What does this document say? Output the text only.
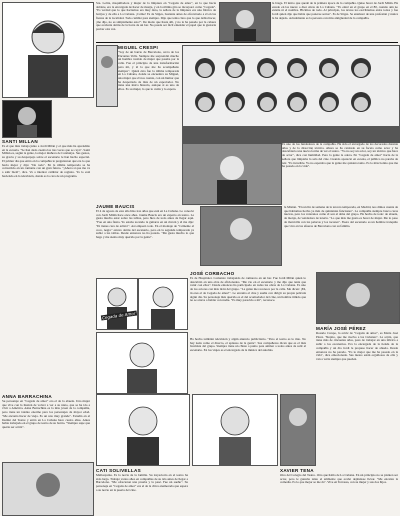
Sra. Lolita, maquilladora y mujer de la limpieza en "Cegada de amor", en la que hacía doblete, era la encargada de hacer de monja, y en la última gira se incorporó como "Cegada". "Es verdad que lo que hacíamos era muy duro, la señora de la limpieza era una fábrica de botijos y de ella a La Cubana. ¡Cómo! Es de Sitges, bastante antes de ofrecérselo a él en las fiestas de la localidad. Todo cambió para siempre. Dijo que tenía claro que lo que debía hacer, ¡me dijo, no es simplemente esto!". De modo que hasta allí, y no le ha pasado por la cabeza que acabaría detrás de la barra de un bar. No puede ser fácil entender el papel que le gustaría probar otra vez.
la braga. El único que quedó de la primera época de la compañía. Quiso hacer de Jordi Milán. Ha estado en las nueve o diez obras de La Cubana. "Yo entré en el grupo en el 80, cuando aún no existía ni el nombre. Hicimos de todo. Al principio, los textos los escribíamos entre todos y fue Jordi quien dijo que había que ponerse serios". Es de Sitges. Se enamoró de una profesión y nunca la ha dejado. Actualmente es la persona con más antigüedad de la compañía.
MIGUEL CRESPI
"Soy de un barrio de Barcelona, cerca de los Encantes Vells. Siempre me sorprendió mucho un hombre vestido de mujer que pasaba por la calle. Fue el principio de una transformación para mí, y él la que me ha acompañado siempre". Quizá ésta fue la última temporada en La Cubana, donde se encuentra su Miguel, una mujer que él nos cuenta, con un humor que ha despertado de más de un espectador. No tiene una única historia, aunque sí es uno de ellos. Es su mujer, la que lo cuida y lo espera.
SANTI MILLAN
Es el que más trabaja junto a Jordi Milán y el que más ha aprendido en la escuela. "Se han dado cuenta las tres veces que se cayó". Santi Millan es, según la gente, la mejor muñeca de Catalunya. Sus gestos, su gracia y su desparpajo sobre el escenario le han hecho especial. El primer día que entró en la compañía le preguntaron qué era lo que hacía mejor y dijo: "De todo". En la última temporada se ha convertido en un cantante con un gran futuro. "¡Ahora sí que me va a salir bien!", dice. Va a intentar cambiar de registro. Ya lo está haciendo en la televisión, donde es la cara de un programa.
Es uno de los fundadores de la compañía. Ha sido el encargado de los decorados durante años y de la dirección técnica. Ahora se ha centrado en su faceta como actor y ha descubierto una nueva forma de ver el teatro. "Yo no soy un actor, soy un técnico que hace de actor", dice con humildad. Pero la gente le adora. En "Cegada de amor" hacía de la señora que limpiaba la sala del cine. Cuando apareció en escena, el público no paraba de reír. "Es increíble. Yo no esperaba que la gente me quisiera tanto. Es lo más bonito que me ha pasado en la vida".
JAUME BAUCIS
El 4 de agosto de este año hizo tres años que está en La Cubana. Lo conoció con Jordi Milán hace once años. Jaume Baucis era un experto en teatro. Le gusta mucho estar sobre las tablas, pero hizo de todo antes de llegar aquí. "Fue en una fiesta. Yo estaba tocando la guitarra en un rincón y él me dijo: 'Tú tienes cara de artista'". Así empezó todo. En el montaje de "Cómeme el coco, negro" estuvo detrás del escenario, pero en la segunda temporada ya subió a las tablas. Desde entonces no ha parado. "Me gusta mucho lo que hago y me siento muy querido por la gente".
la Misión. "En un fin de semana de la tercera temporada, en Madrid, nos dimos cuenta de que habíamos hecho ya más de quinientas funciones". La compañía siempre busca caras nuevas, pero los veteranos como él son el alma del grupo. Ha hecho de todo: de abuela, de monja, de vendedora de lotería. "Lo que más me gusta es hacer de mujer. Me lo paso de maravilla con las pelucas y los tacones". Fuera del escenario es un hombre tranquilo que vive en las afueras de Barcelona con su familia.
Cegada de Amor
JOSÉ CORBACHO
Es de Hospitalet. Comenzó trabajando de camarero en un bar. Fue Jordi Milán quien lo descubrió en una obra de aficionados. "Me vio en el escenario y me dijo que tenía que venir con ellos". Desde entonces ha participado en todas las obras de La Cubana. Es uno de los actores con más tirón del grupo. "La gente me reconoce por la calle. Me dicen: ¡Eh, tú eres el de Cegada de amor!". Le encanta el cine y sueña con dirigir su propia película algún día. Su personaje más querido es el del acomodador del cine, un hombre tímido que no se atreve a hablar con nadie. "Es muy parecido a mí", reconoce.
Ha hecho también televisión y algún anuncio publicitario. "Pero el teatro es lo mío. No hay nada como el directo, el aplauso de la gente". Sus compañeros dicen que es el más bromista del grupo. Siempre tiene un chiste a punto para animar a todos antes de salir al escenario. En los viajes es el encargado de la música del autobús.
MARÍA JOSÉ PÉREZ
Rosario Crespo, la actriz de "Cegada de amor", es María José Pérez. "Repito, que me vuelvo a las Cubanas". La actriz, que tiene más de cincuenta años, pasó de trabajar en una fábrica a subir a los escenarios. Era la encargada de la tienda de la compañía y un día Jordi le propuso hacer de abuela. Desde entonces no ha parado. "Es lo mejor que me ha pasado en la vida", dice emocionada. Sus nietos están orgullosos de ella y van a verla siempre que pueden.
ANNA BARRACHINA
Su personaje en "Cegada de amor" era el de la abuela. Una mujer que vive con la ilusión de volver a ver a su nieto, que se ha ido a vivir a América. Anna Barrachina es la más joven de la compañía, pero tiene un talento enorme para los personajes de mayor edad. "Me encanta hacer de vieja. Es un reto muy grande". Estudió en el Institut del Teatre y entró en La Cubana hace cuatro años. Antes había trabajado en el grupo de teatro de su barrio. "Siempre supe que quería ser actriz".
CATI SOLIVELLAS
Mallorquina. Es la novia de la familia. Su trayectoria en el teatro ha sido larga. Trabajó varios años en compañías de su isla antes de llegar a Barcelona. "Me ofrecieron una prueba y la pasé. Fue un sueño". Su personaje en "Cegada de amor" era el de la chica enamorada que espera a su novio en la puerta del cine.
XAVIER TENA
Otro del Colegio del Teatro. Otra que habla de La Cubana. En un principio no se planteó ser actor, pero le gustaba tanto el ambiente que acabó dejándose llevar. "Me encanta la comedia. Es lo que mejor se me da". Vive en Terrassa, con su mujer y sus dos hijos.
